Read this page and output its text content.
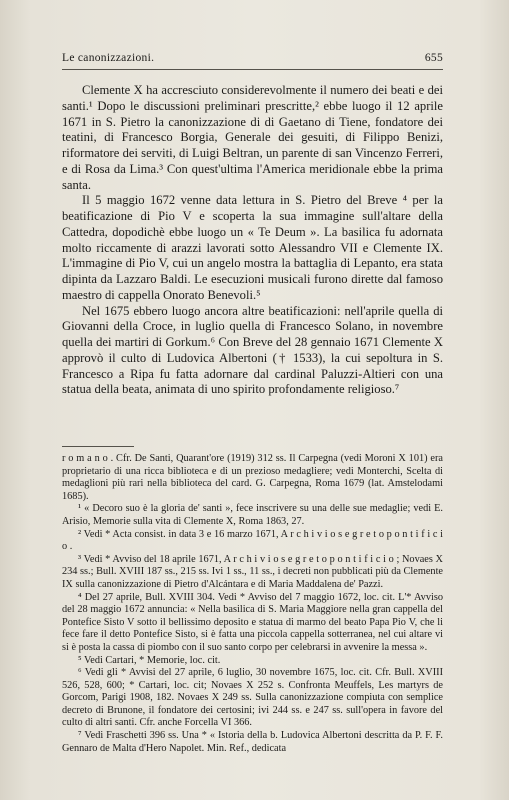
Le canonizzazioni.	655

Clemente X ha accresciuto considerevolmente il numero dei beati e dei santi.¹ Dopo le discussioni preliminari prescritte,² ebbe luogo il 12 aprile 1671 in S. Pietro la canonizzazione di di Gaetano di Tiene, fondatore dei teatini, di Francesco Borgia, Generale dei gesuiti, di Filippo Benizi, riformatore dei serviti, di Luigi Beltran, un parente di san Vincenzo Ferreri, e di Rosa da Lima.³ Con quest'ultima l'America meridionale ebbe la prima santa.

Il 5 maggio 1672 venne data lettura in S. Pietro del Breve ⁴ per la beatificazione di Pio V e scoperta la sua immagine sull'altare della Cattedra, dopodichè ebbe luogo un « Te Deum ». La basilica fu adornata molto riccamente di arazzi lavorati sotto Alessandro VII e Clemente IX. L'immagine di Pio V, cui un angelo mostra la battaglia di Lepanto, era stata dipinta da Lazzaro Baldi. Le esecuzioni musicali furono dirette dal famoso maestro di cappella Onorato Benevoli.⁵

Nel 1675 ebbero luogo ancora altre beatificazioni: nell'aprile quella di Giovanni della Croce, in luglio quella di Francesco Solano, in novembre quella dei martiri di Gorkum.⁶ Con Breve del 28 gennaio 1671 Clemente X approvò il culto di Ludovica Albertoni († 1533), la cui sepoltura in S. Francesco a Ripa fu fatta adornare dal cardinal Paluzzi-Altieri con una statua della beata, animata di uno spirito profondamente religioso.⁷

r o m a n o . Cfr. De Santi, Quarant'ore (1919) 312 ss. Il Carpegna (vedi Moroni X 101) era proprietario di una ricca biblioteca e di un prezioso medagliere; vedi Monterchi, Scelta di medaglioni più rari nella biblioteca del card. G. Carpegna, Roma 1679 (lat. Amstelodami 1685).

¹ « Decoro suo è la gloria de' santi », fece inscrivere su una delle sue medaglie; vedi E. Arisio, Memorie sulla vita di Clemente X, Roma 1863, 27.

² Vedi * Acta consist. in data 3 e 16 marzo 1671, A r c h i v i o s e g r e t o p o n t i f i c i o .

³ Vedi * Avviso del 18 aprile 1671, A r c h i v i o s e g r e t o p o n t i f i c i o ; Novaes X 234 ss.; Bull. XVIII 187 ss., 215 ss. Ivi 1 ss., 11 ss., i decreti non pubblicati più da Clemente IX sulla canonizzazione di Pietro d'Alcántara e di Maria Maddalena de' Pazzi.

⁴ Del 27 aprile, Bull. XVIII 304. Vedi * Avviso del 7 maggio 1672, loc. cit. L'* Avviso del 28 maggio 1672 annuncia: « Nella basilica di S. Maria Maggiore nella gran cappella del Pontefice Sisto V sotto il bellissimo deposito e statua di marmo del beato Papa Pio V, che li fece fare il detto Pontefice Sisto, si è fatta una piccola cappella sotterranea, nel cui altare vi si è posta la cassa di piombo con il suo santo corpo per celebrarsi in avvenire la messa ».

⁵ Vedi Cartari, * Memorie, loc. cit.

⁶ Vedi gli * Avvisi del 27 aprile, 6 luglio, 30 novembre 1675, loc. cit. Cfr. Bull. XVIII 526, 528, 600; * Cartari, loc. cit; Novaes X 252 s. Confronta Meuffels, Les martyrs de Gorcom, Parigi 1908, 182. Novaes X 249 ss. Sulla canonizzazione compiuta con semplice decreto di Brunone, il fondatore dei certosini; ivi 244 ss. e 247 ss. sull'opera in favore del culto di altri santi. Cfr. anche Forcella VI 366.

⁷ Vedi Fraschetti 396 ss. Una * « Istoria della b. Ludovica Albertoni descritta da P. F. F. Gennaro de Malta d'Hero Napolet. Min. Ref., dedicata
